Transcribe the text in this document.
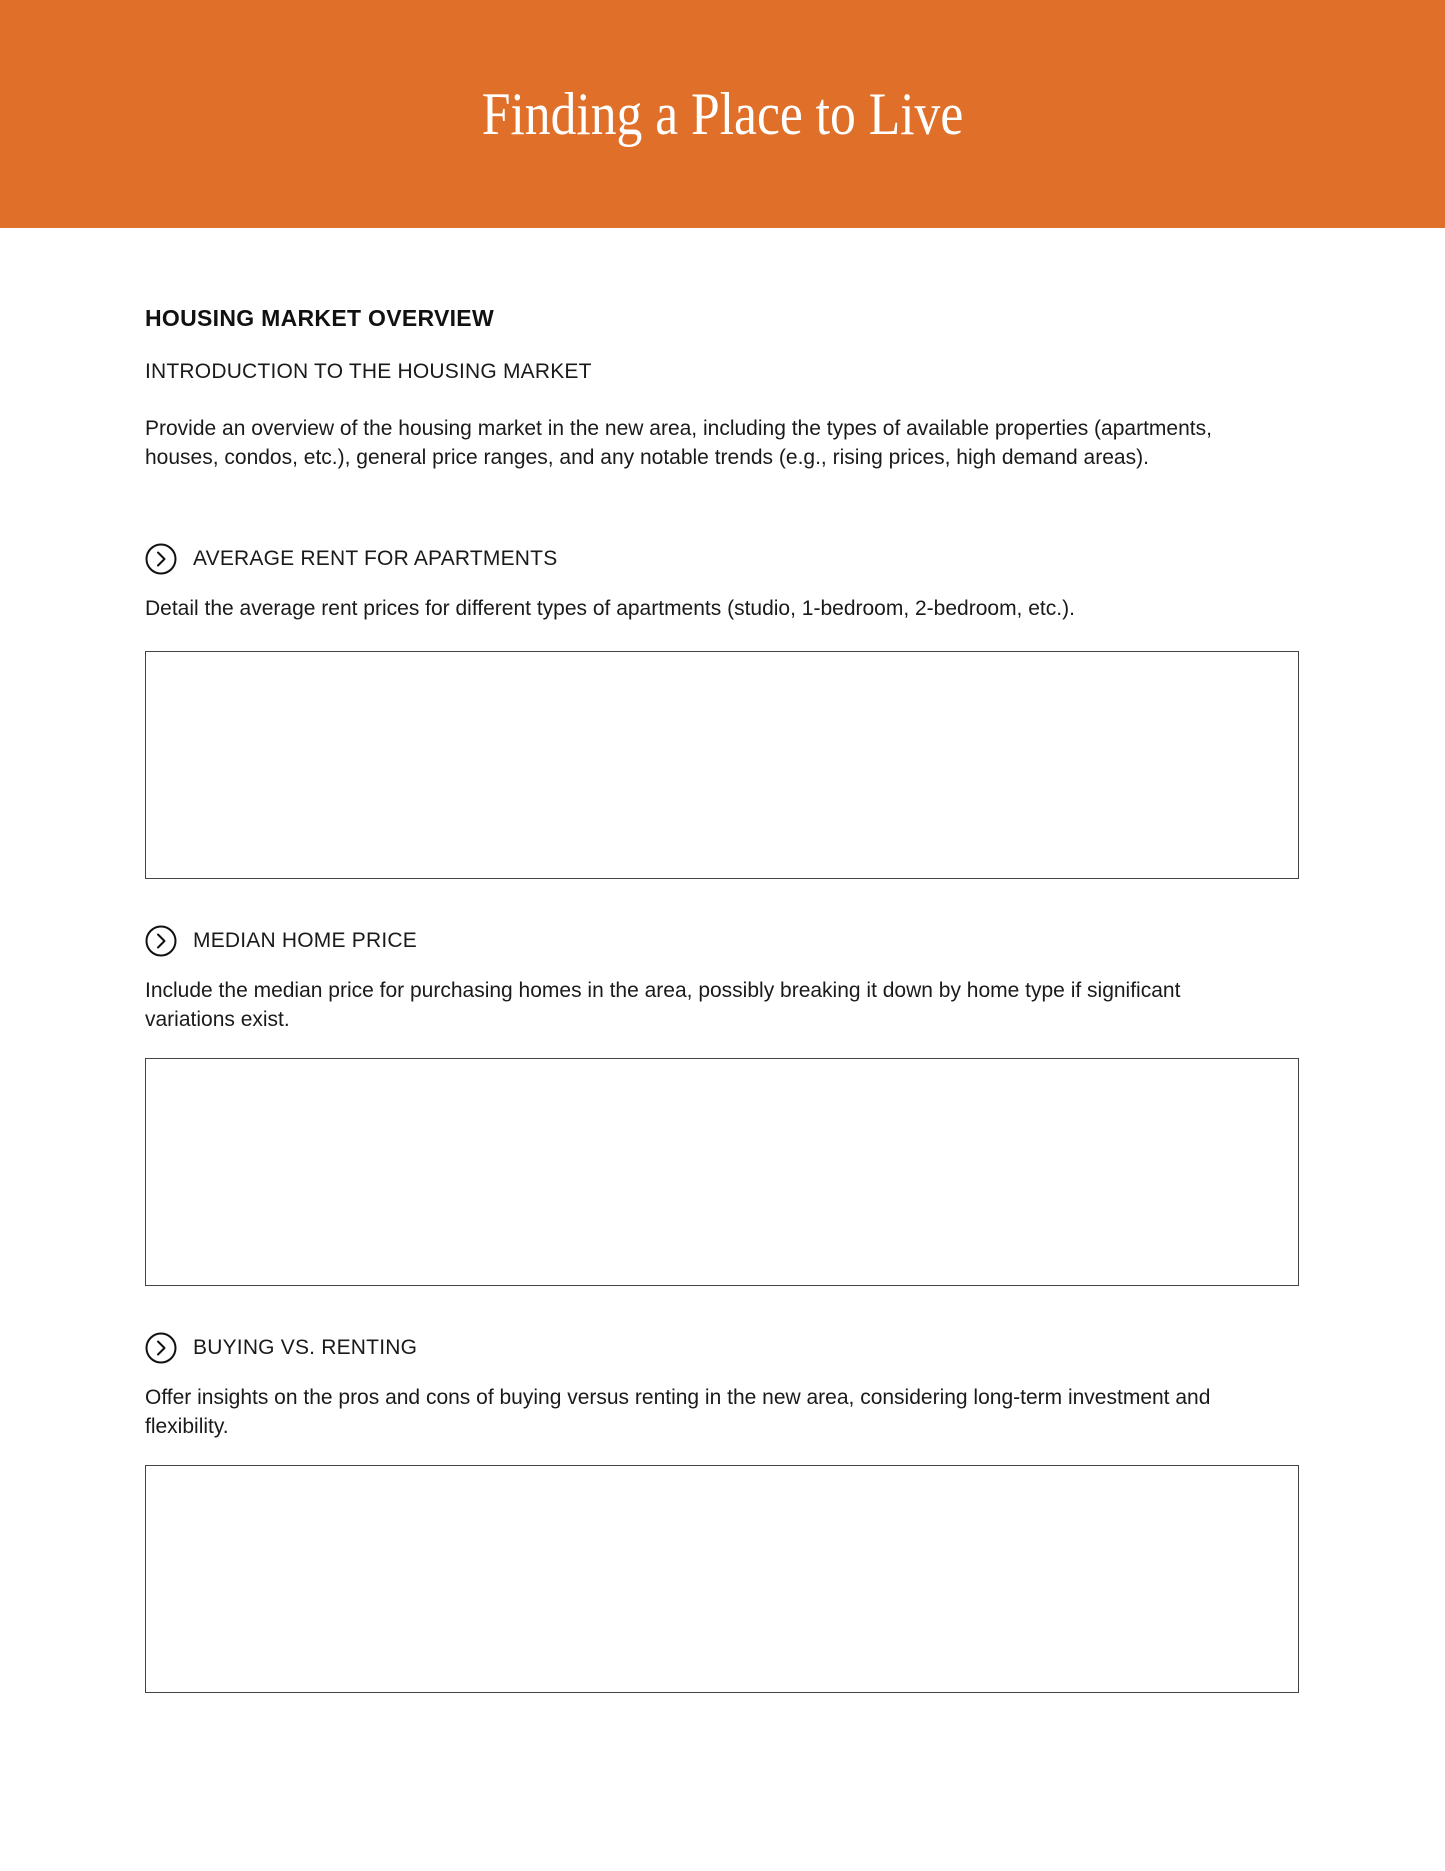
Finding a Place to Live
HOUSING MARKET OVERVIEW
INTRODUCTION TO THE HOUSING MARKET
Provide an overview of the housing market in the new area, including the types of available properties (apartments, houses, condos, etc.), general price ranges, and any notable trends (e.g., rising prices, high demand areas).
AVERAGE RENT FOR APARTMENTS
Detail the average rent prices for different types of apartments (studio, 1-bedroom, 2-bedroom, etc.).
MEDIAN HOME PRICE
Include the median price for purchasing homes in the area, possibly breaking it down by home type if significant variations exist.
BUYING VS. RENTING
Offer insights on the pros and cons of buying versus renting in the new area, considering long-term investment and flexibility.
